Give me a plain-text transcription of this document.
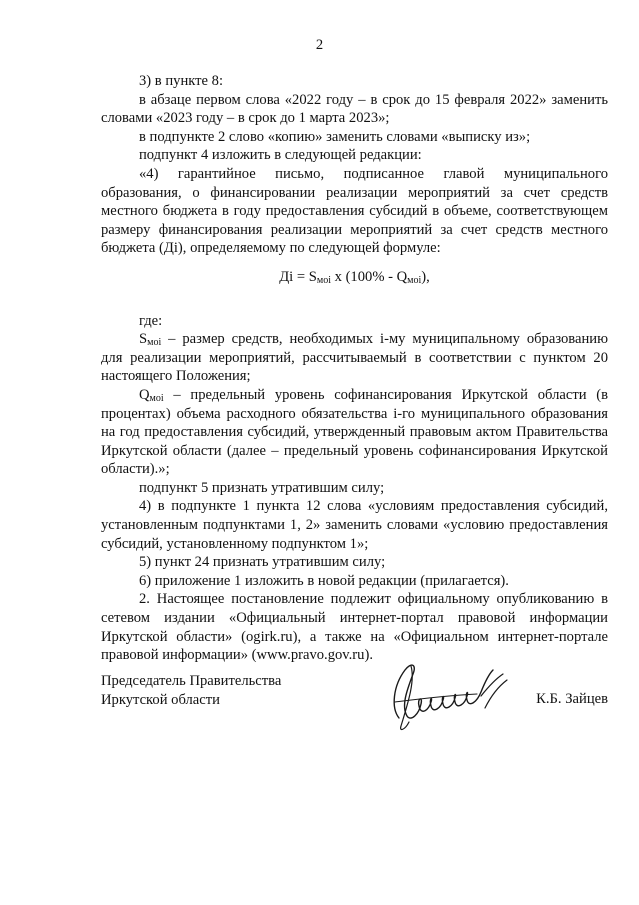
2

3) в пункте 8:

в абзаце первом слова «2022 году – в срок до 15 февраля 2022» заменить словами «2023 году – в срок до 1 марта 2023»;

в подпункте 2 слово «копию» заменить словами «выписку из»;

подпункт 4 изложить в следующей редакции:

«4) гарантийное письмо, подписанное главой муниципального образования, о финансировании реализации мероприятий за счет средств местного бюджета в году предоставления субсидий в объеме, соответствующем размеру финансирования реализации мероприятий за счет средств местного бюджета (Дi), определяемому по следующей формуле:

Дi = $S_{моi}$ x $(100\% - Q_{моi})$,

где:

$S_{моi}$ – размер средств, необходимых i-му муниципальному образованию для реализации мероприятий, рассчитываемый в соответствии с пунктом 20 настоящего Положения;

$Q_{моi}$ – предельный уровень софинансирования Иркутской области (в процентах) объема расходного обязательства i-го муниципального образования на год предоставления субсидий, утвержденный правовым актом Правительства Иркутской области (далее – предельный уровень софинансирования Иркутской области).»;

подпункт 5 признать утратившим силу;

4) в подпункте 1 пункта 12 слова «условиям предоставления субсидий, установленным подпунктами 1, 2» заменить словами «условию предоставления субсидий, установленному подпунктом 1»;

5) пункт 24 признать утратившим силу;

6) приложение 1 изложить в новой редакции (прилагается).

2. Настоящее постановление подлежит официальному опубликованию в сетевом издании «Официальный интернет-портал правовой информации Иркутской области» (ogirk.ru), а также на «Официальном интернет-портале правовой информации» (www.pravo.gov.ru).

Председатель Правительства
Иркутской области	К.Б. Зайцев
